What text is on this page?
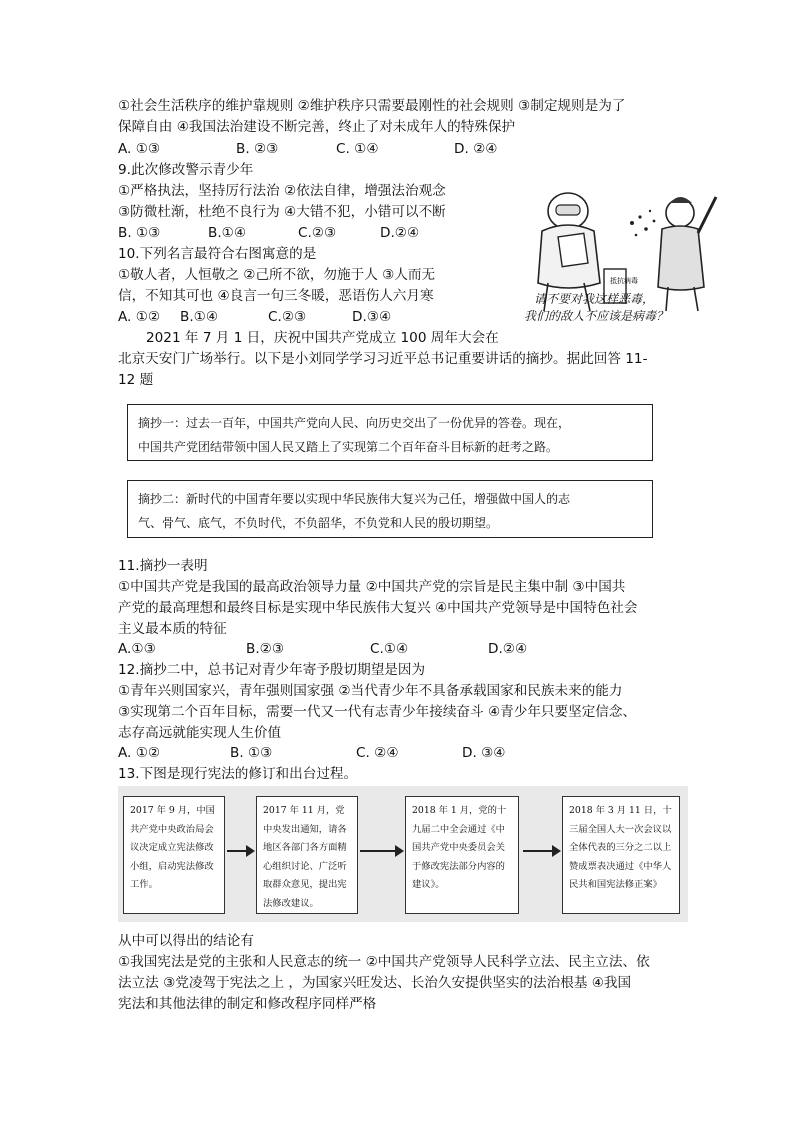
①社会生活秩序的维护靠规则 ②维护秩序只需要最刚性的社会规则 ③制定规则是为了
保障自由 ④我国法治建设不断完善，终止了对未成年人的特殊保护
A. ①③	B. ②③	C. ①④	D. ②④
9.此次修改警示青少年
①严格执法，坚持厉行法治 ②依法自律，增强法治观念
③防微杜渐，杜绝不良行为 ④大错不犯，小错可以不断
B. ①③	B.①④	C.②③	D.②④
10.下列名言最符合右图寓意的是
①敬人者，人恒敬之 ②己所不欲，勿施于人 ③人而无
信，不知其可也 ④良言一句三冬暖，恶语伤人六月寒
A. ①② B.①④	C.②③	D.③④
抵抗病毒
请不要对我这样恶毒，
我们的敌人不应该是病毒？
2021 年 7 月 1 日，庆祝中国共产党成立 100 周年大会在
北京天安门广场举行。以下是小刘同学学习习近平总书记重要讲话的摘抄。据此回答 11-
12 题
摘抄一：过去一百年，中国共产党向人民、向历史交出了一份优异的答卷。现在，
中国共产党团结带领中国人民又踏上了实现第二个百年奋斗目标新的赶考之路。
摘抄二：新时代的中国青年要以实现中华民族伟大复兴为己任，增强做中国人的志
气、骨气、底气，不负时代，不负韶华，不负党和人民的殷切期望。
11.摘抄一表明
①中国共产党是我国的最高政治领导力量 ②中国共产党的宗旨是民主集中制 ③中国共
产党的最高理想和最终目标是实现中华民族伟大复兴 ④中国共产党领导是中国特色社会
主义最本质的特征
A.①③	B.②③	C.①④	D.②④
12.摘抄二中，总书记对青少年寄予殷切期望是因为
①青年兴则国家兴，青年强则国家强 ②当代青少年不具备承载国家和民族未来的能力
③实现第二个百年目标，需要一代又一代有志青少年接续奋斗 ④青少年只要坚定信念、
志存高远就能实现人生价值
A. ①②	B. ①③	C. ②④	D. ③④
13.下图是现行宪法的修订和出台过程。
2017 年 9 月，中国共产党中央政治局会议决定成立宪法修改小组，启动宪法修改工作。
2017 年 11 月，党中央发出通知，请各地区各部门各方面精心组织讨论、广泛听取群众意见，提出宪法修改建议。
2018 年 1 月，党的十九届二中全会通过《中国共产党中央委员会关于修改宪法部分内容的建议》。
2018 年 3 月 11 日，十三届全国人大一次会议以全体代表的三分之二以上赞成票表决通过《中华人民共和国宪法修正案》
从中可以得出的结论有
①我国宪法是党的主张和人民意志的统一 ②中国共产党领导人民科学立法、民主立法、依
法立法 ③党凌驾于宪法之上 ，为国家兴旺发达、长治久安提供坚实的法治根基 ④我国
宪法和其他法律的制定和修改程序同样严格
